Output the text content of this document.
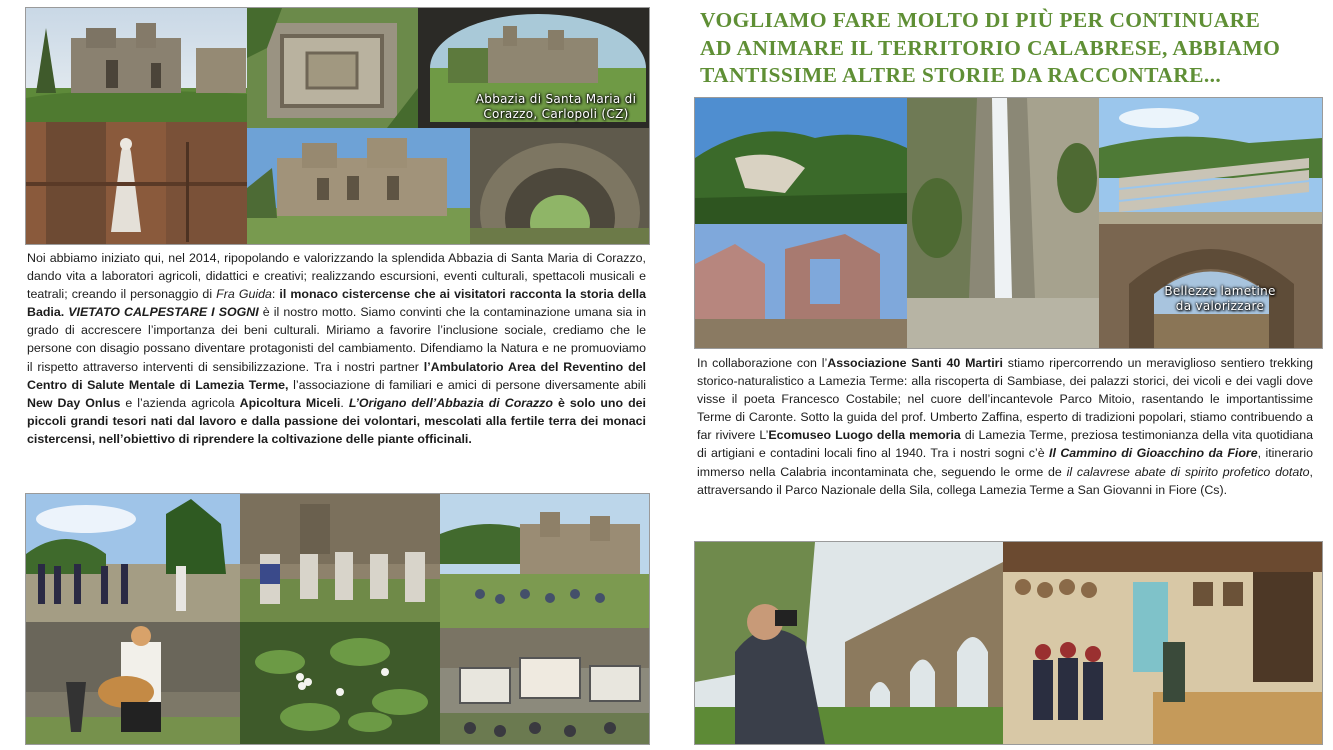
Abbazia di Santa Maria di
Corazzo, Carlopoli (CZ)
Noi abbiamo iniziato qui, nel 2014, ripopolando e valorizzando la splendida Abbazia di Santa Maria di Corazzo, dando vita a laboratori agricoli, didattici e creativi; realizzando escursioni, eventi culturali, spettacoli musicali e teatrali; creando il personaggio di Fra Guida: il monaco cistercense che ai visitatori racconta la storia della Badia. VIETATO CALPESTARE I SOGNI è il nostro motto. Siamo convinti che la contaminazione umana sia in grado di accrescere l’importanza dei beni culturali. Miriamo a favorire l’inclusione sociale, crediamo che le persone con disagio possano diventare protagonisti del cambiamento. Difendiamo la Natura e ne promuoviamo il rispetto attraverso interventi di sensibilizzazione. Tra i nostri partner l’Ambulatorio Area del Reventino del Centro di Salute Mentale di Lamezia Terme, l’associazione di familiari e amici di persone diversamente abili New Day Onlus e l’azienda agricola Apicoltura Miceli. L’Origano dell’Abbazia di Corazzo è solo uno dei piccoli grandi tesori nati dal lavoro e dalla passione dei volontari, mescolati alla fertile terra dei monaci cistercensi, nell’obiettivo di riprendere la coltivazione delle piante officinali.
VOGLIAMO FARE MOLTO DI PIÙ PER CONTINUARE
AD ANIMARE IL TERRITORIO CALABRESE, ABBIAMO
TANTISSIME ALTRE STORIE DA RACCONTARE...
Bellezze lametine
da valorizzare
In collaborazione con l’Associazione Santi 40 Martiri stiamo ripercorrendo un meraviglioso sentiero trekking storico-naturalistico a Lamezia Terme: alla riscoperta di Sambiase, dei palazzi storici, dei vicoli e dei vagli dove visse il poeta Francesco Costabile; nel cuore dell’incantevole Parco Mitoio, rasentando le importantissime Terme di Caronte. Sotto la guida del prof. Umberto Zaffina, esperto di tradizioni popolari, stiamo contribuendo a far rivivere L’Ecomuseo Luogo della memoria di Lamezia Terme, preziosa testimonianza della vita quotidiana di artigiani e contadini locali fino al 1940. Tra i nostri sogni c’è Il Cammino di Gioacchino da Fiore, itinerario immerso nella Calabria incontaminata che, seguendo le orme de il calavrese abate di spirito profetico dotato, attraversando il Parco Nazionale della Sila, collega Lamezia Terme a San Giovanni in Fiore (Cs).
